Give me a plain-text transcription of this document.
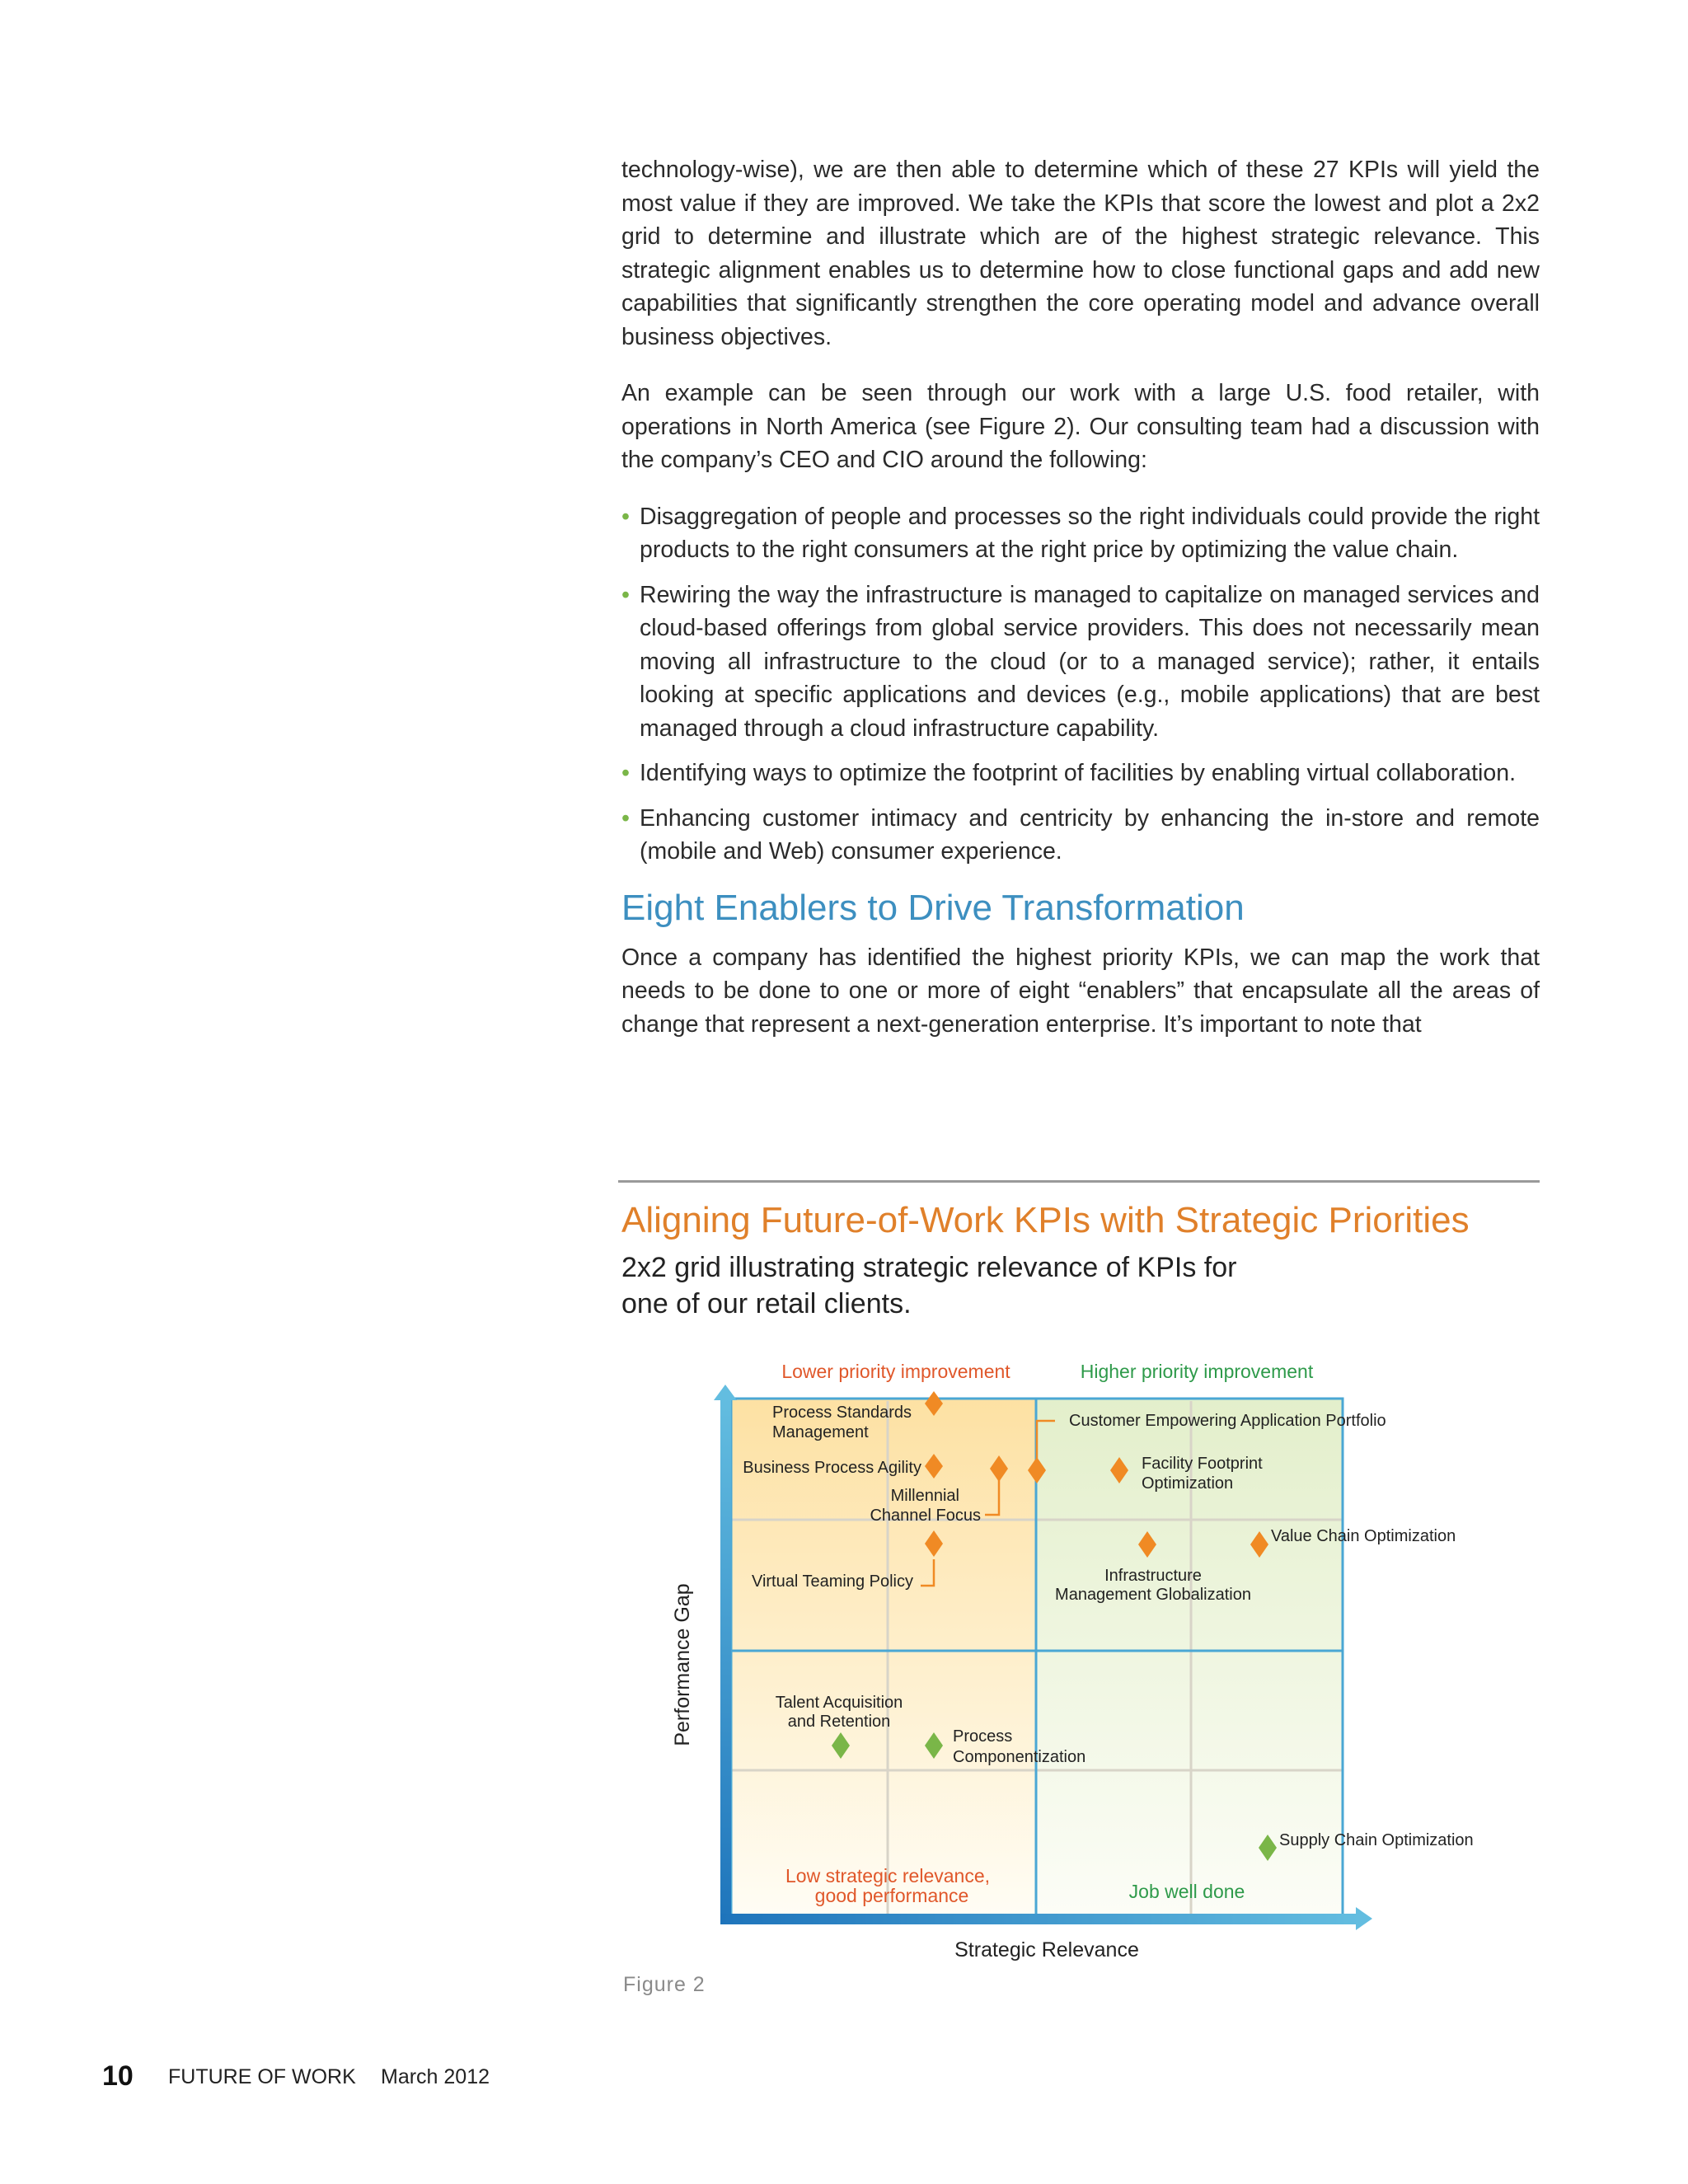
technology-wise), we are then able to determine which of these 27 KPIs will yield the most value if they are improved. We take the KPIs that score the lowest and plot a 2x2 grid to determine and illustrate which are of the highest strategic relevance. This strategic alignment enables us to determine how to close functional gaps and add new capabilities that significantly strengthen the core operating model and advance overall business objectives.

An example can be seen through our work with a large U.S. food retailer, with operations in North America (see Figure 2). Our consulting team had a discussion with the company’s CEO and CIO around the following:

• Disaggregation of people and processes so the right individuals could provide the right products to the right consumers at the right price by optimizing the value chain.
• Rewiring the way the infrastructure is managed to capitalize on managed services and cloud-based offerings from global service providers. This does not necessarily mean moving all infrastructure to the cloud (or to a managed service); rather, it entails looking at specific applications and devices (e.g., mobile applications) that are best managed through a cloud infrastructure capability.
• Identifying ways to optimize the footprint of facilities by enabling virtual collaboration.
• Enhancing customer intimacy and centricity by enhancing the in-store and remote (mobile and Web) consumer experience.
Eight Enablers to Drive Transformation

Once a company has identified the highest priority KPIs, we can map the work that needs to be done to one or more of eight “enablers” that encapsulate all the areas of change that represent a next-generation enterprise. It’s important to note that

Aligning Future-of-Work KPIs with Strategic Priorities
2x2 grid illustrating strategic relevance of KPIs for
one of our retail clients.
Lower priority improvement	Higher priority improvement
Process Standards
Management
Customer Empowering Application Portfolio
Business Process Agility
Millennial
Channel Focus
Facility Footprint
Optimization
Value Chain Optimization
Virtual Teaming Policy	Infrastructure
Management Globalization
Talent Acquisition
and Retention
Process
Componentization
Supply Chain Optimization
Low strategic relevance,
good performance	Job well done
Strategic Relevance
Performance Gap
Figure 2
10 FUTURE OF WORK March 2012
